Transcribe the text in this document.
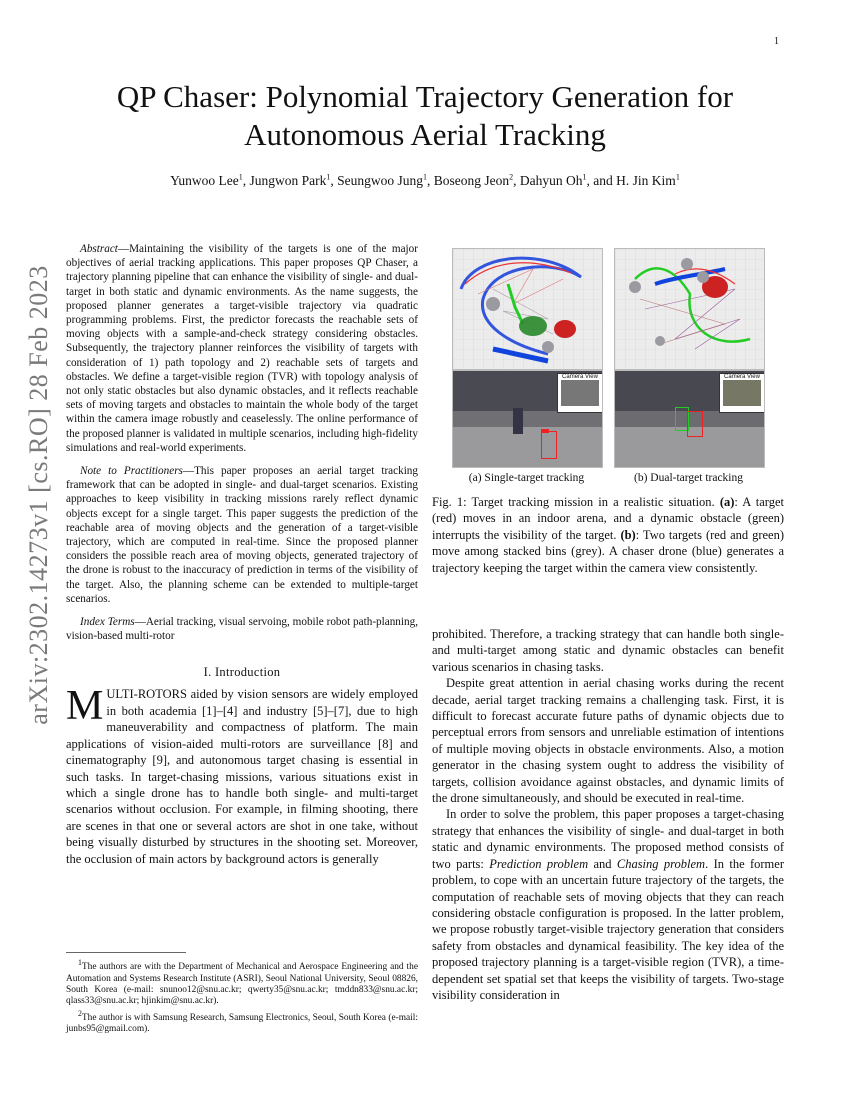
1
arXiv:2302.14273v1 [cs.RO] 28 Feb 2023
QP Chaser: Polynomial Trajectory Generation for
Autonomous Aerial Tracking
Yunwoo Lee$^1$, Jungwon Park$^1$, Seungwoo Jung$^1$, Boseong Jeon$^2$, Dahyun Oh$^1$, and H. Jin Kim$^1$

Abstract—Maintaining the visibility of the targets is one of the major objectives of aerial tracking applications. This paper proposes QP Chaser, a trajectory planning pipeline that can enhance the visibility of single- and dual-target in both static and dynamic environments. As the name suggests, the proposed planner generates a target-visible trajectory via quadratic programming problems. First, the predictor forecasts the reachable sets of moving objects with a sample-and-check strategy considering obstacles. Subsequently, the trajectory planner reinforces the visibility of targets with consideration of 1) path topology and 2) reachable sets of targets and obstacles. We define a target-visible region (TVR) with topology analysis of not only static obstacles but also dynamic obstacles, and it reflects reachable sets of moving targets and obstacles to maintain the whole body of the target within the camera image robustly and ceaselessly. The online performance of the proposed planner is validated in multiple scenarios, including high-fidelity simulations and real-world experiments.

Note to Practitioners—This paper proposes an aerial target tracking framework that can be adopted in single- and dual-target scenarios. Existing approaches to keep visibility in tracking missions rarely reflect dynamic objects except for a single target. This paper suggests the prediction of the reachable area of moving objects and the generation of a target-visible trajectory, which are computed in real-time. Since the proposed planner considers the possible reach area of moving objects, generated trajectory of the drone is robust to the inaccuracy of prediction in terms of the visibility of the target. Also, the planning scheme can be extended to multiple-target scenarios.

Index Terms—Aerial tracking, visual servoing, mobile robot path-planning, vision-based multi-rotor

I. Introduction

MULTI-ROTORS aided by vision sensors are widely employed in both academia [1]–[4] and industry [5]–[7], due to high maneuverability and compactness of platform. The main applications of vision-aided multi-rotors are surveillance [8] and cinematography [9], and autonomous target chasing is essential in such tasks. In target-chasing missions, various situations exist in which a single drone has to handle both single- and multi-target scenarios without occlusion. For example, in filming shooting, there are scenes in that one or several actors are shot in one take, without being visually disturbed by structures in the shooting set. Moreover, the occlusion of main actors by background actors is generally

$^1$The authors are with the Department of Mechanical and Aerospace Engineering and the Automation and Systems Research Institute (ASRI), Seoul National University, Seoul 08826, South Korea (e-mail: snunoo12@snu.ac.kr; qwerty35@snu.ac.kr; tmddn833@snu.ac.kr; qlass33@snu.ac.kr; hjinkim@snu.ac.kr).

$^2$The author is with Samsung Research, Samsung Electronics, Seoul, South Korea (e-mail: junbs95@gmail.com).

Camera View	Camera View
(a) Single-target tracking	(b) Dual-target tracking
Fig. 1: Target tracking mission in a realistic situation. (a): A target (red) moves in an indoor arena, and a dynamic obstacle (green) interrupts the visibility of the target. (b): Two targets (red and green) move among stacked bins (grey). A chaser drone (blue) generates a trajectory keeping the target within the camera view consistently.

prohibited. Therefore, a tracking strategy that can handle both single- and multi-target among static and dynamic obstacles can benefit various scenarios in chasing tasks.

Despite great attention in aerial chasing works during the recent decade, aerial target tracking remains a challenging task. First, it is difficult to forecast accurate future paths of dynamic objects due to perceptual errors from sensors and unreliable estimation of intentions of multiple moving objects in obstacle environments. Also, a motion generator in the chasing system ought to address the visibility of targets, collision avoidance against obstacles, and dynamic limits of the drone simultaneously, and should be executed in real-time.

In order to solve the problem, this paper proposes a target-chasing strategy that enhances the visibility of single- and dual-target in both static and dynamic environments. The proposed method consists of two parts: Prediction problem and Chasing problem. In the former problem, to cope with an uncertain future trajectory of the targets, the computation of reachable sets of moving objects that they can reach considering obstacle configuration is proposed. In the latter problem, we propose robustly target-visible trajectory generation that considers safety from obstacles and dynamical feasibility. The key idea of the proposed trajectory planning is a target-visible region (TVR), a time-dependent set spatial set that keeps the visibility of targets. Two-stage visibility consideration in
